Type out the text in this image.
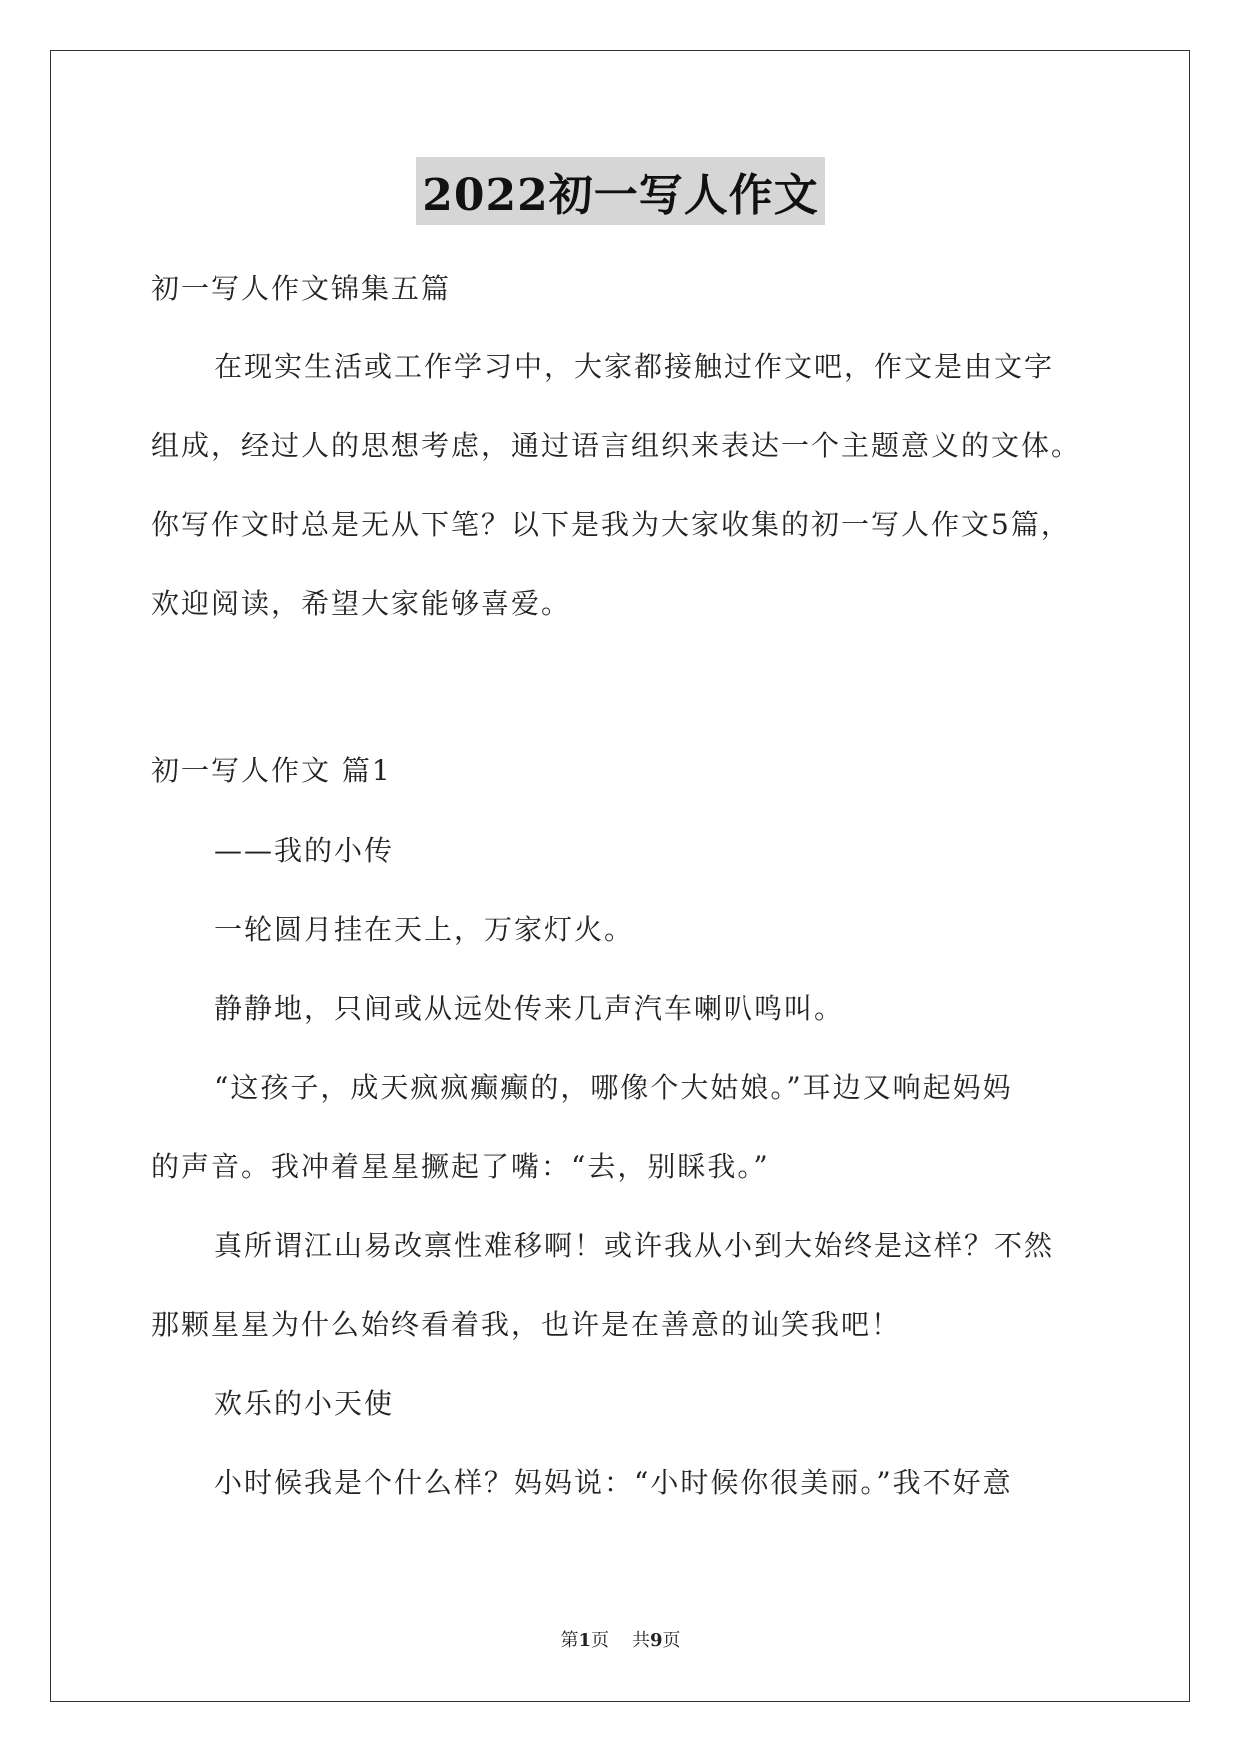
2022初一写人作文
初一写人作文锦集五篇
在现实生活或工作学习中，大家都接触过作文吧，作文是由文字
组成，经过人的思想考虑，通过语言组织来表达一个主题意义的文体。
你写作文时总是无从下笔？以下是我为大家收集的初一写人作文5篇，
欢迎阅读，希望大家能够喜爱。
初一写人作文 篇1
——我的小传
一轮圆月挂在天上，万家灯火。
静静地，只间或从远处传来几声汽车喇叭鸣叫。
“这孩子，成天疯疯癫癫的，哪像个大姑娘。”耳边又响起妈妈
的声音。我冲着星星撅起了嘴：“去，别睬我。”
真所谓江山易改禀性难移啊！或许我从小到大始终是这样？不然
那颗星星为什么始终看着我，也许是在善意的讪笑我吧！
欢乐的小天使
小时候我是个什么样？妈妈说：“小时候你很美丽。”我不好意
第1页 共9页
